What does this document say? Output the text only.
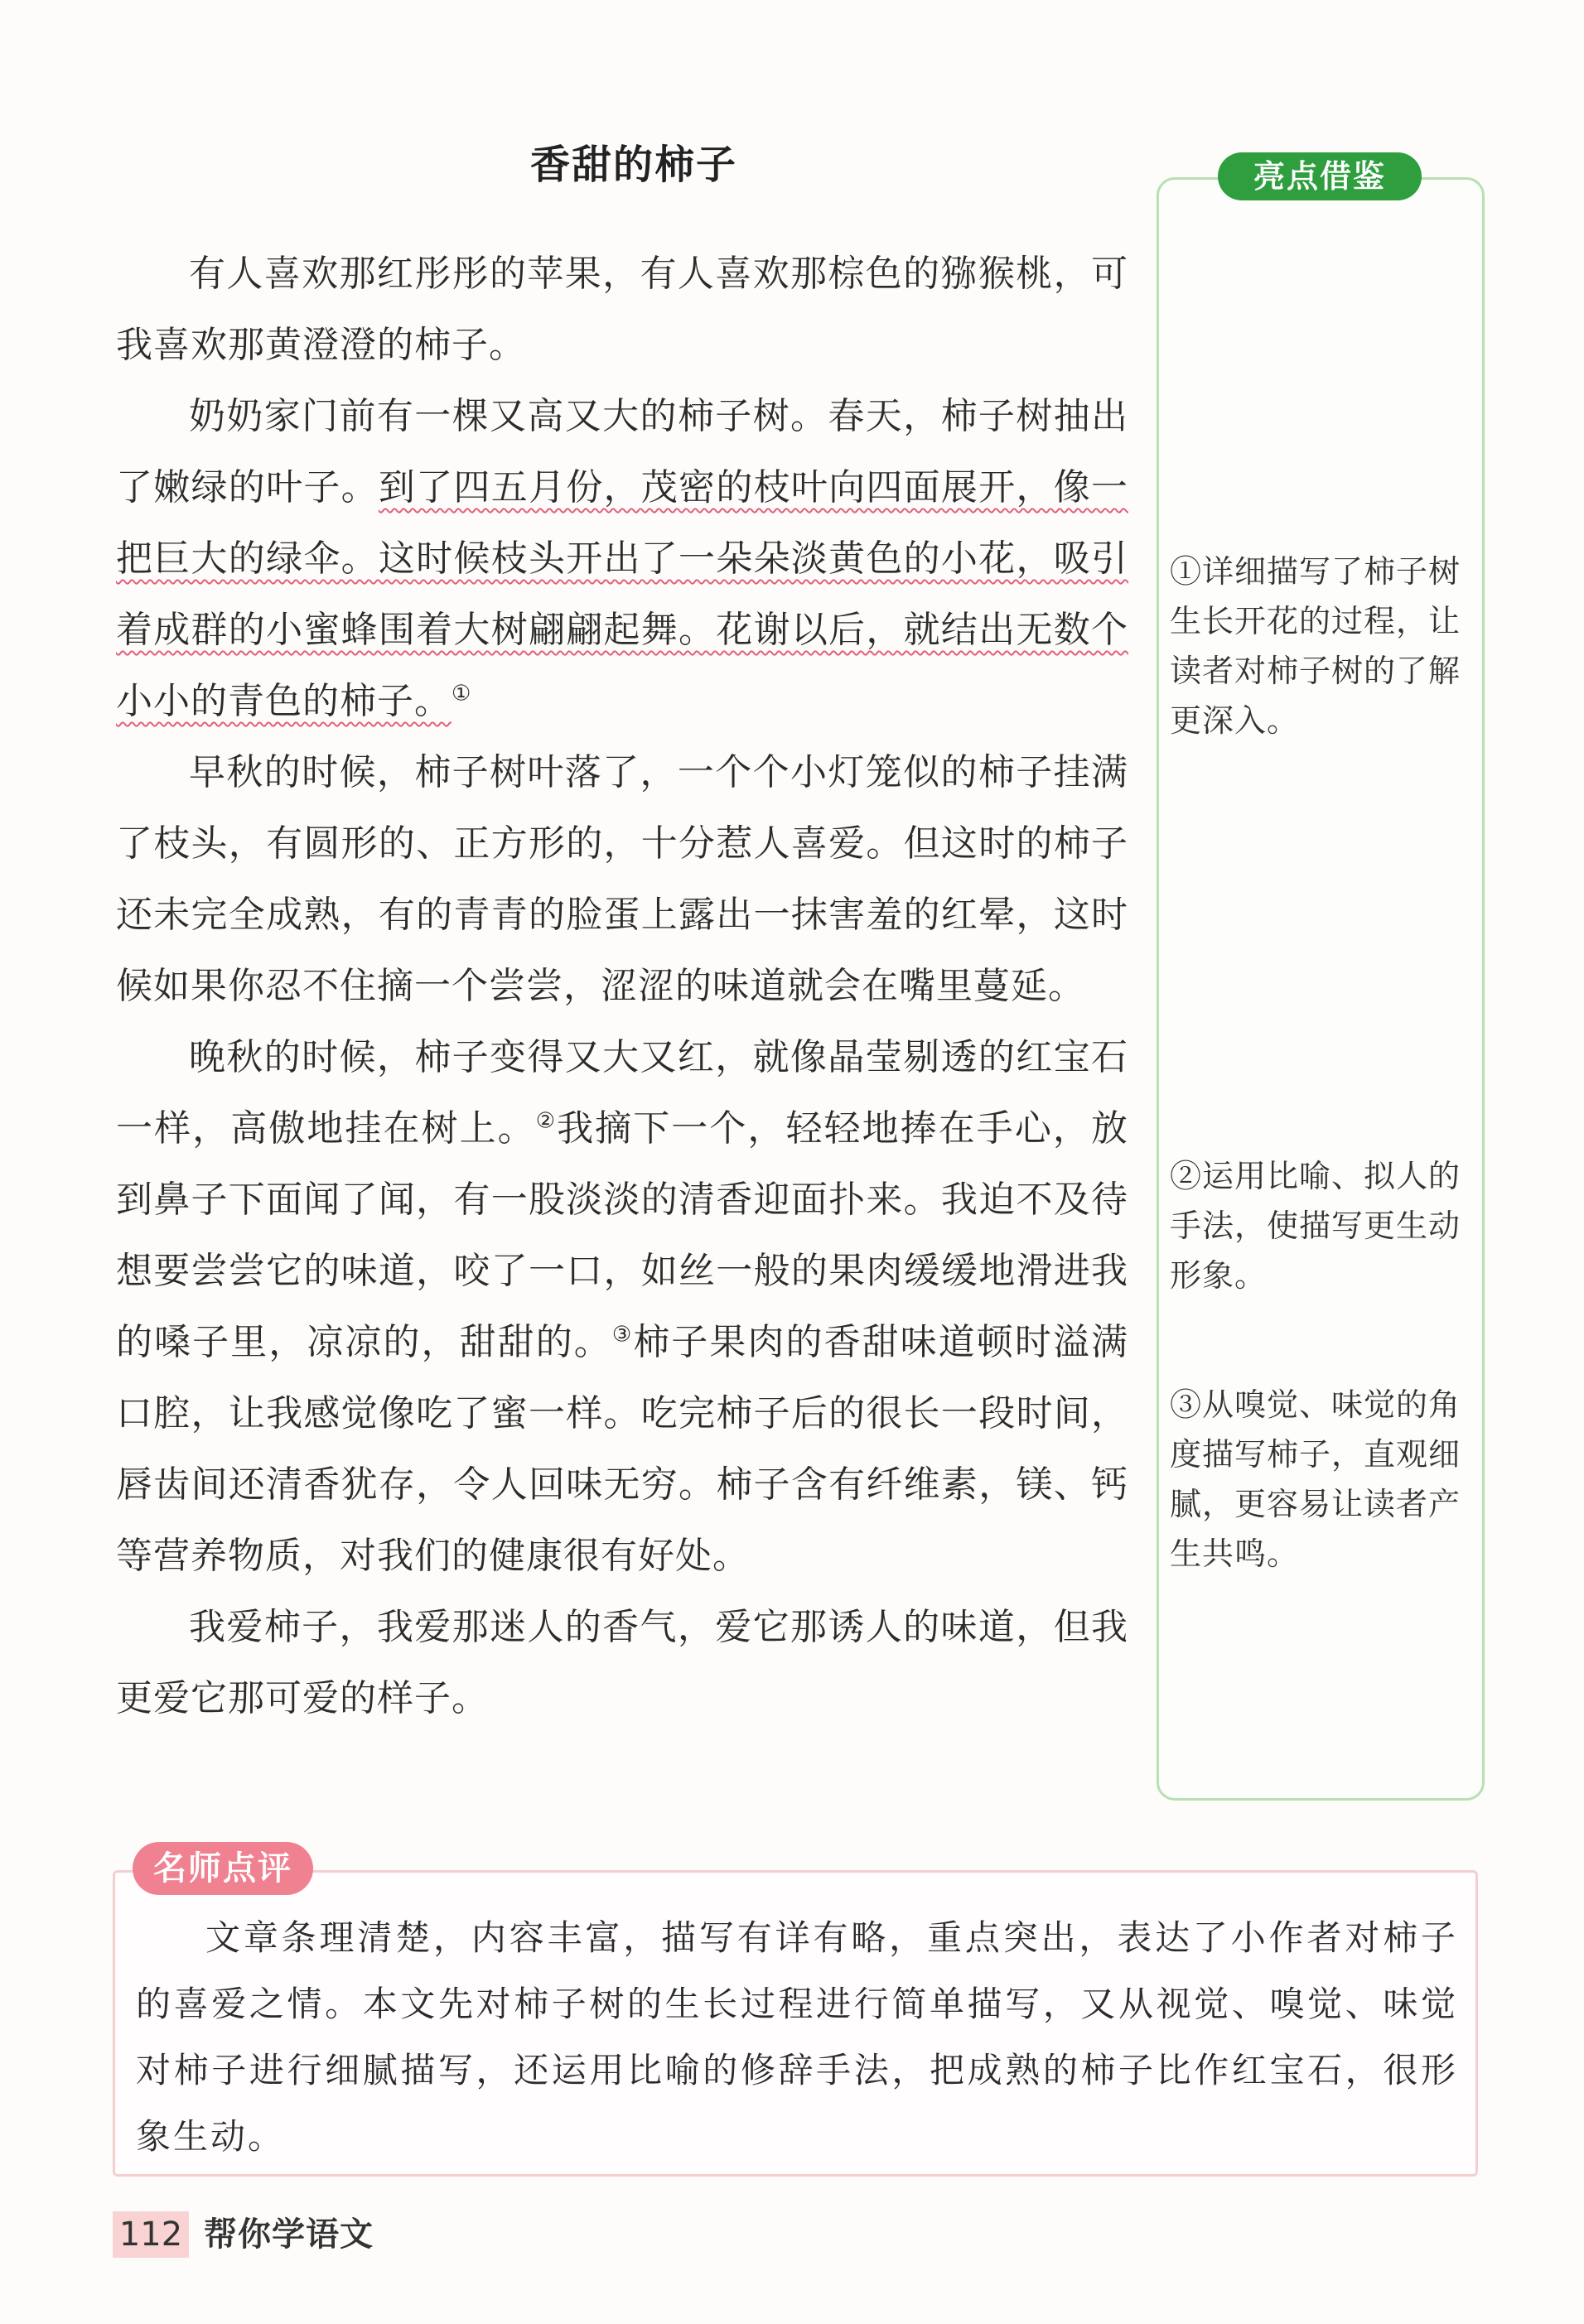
香甜的柿子

有人喜欢那红彤彤的苹果，有人喜欢那棕色的猕猴桃，可我喜欢那黄澄澄的柿子。

奶奶家门前有一棵又高又大的柿子树。春天，柿子树抽出了嫩绿的叶子。到了四五月份，茂密的枝叶向四面展开，像一把巨大的绿伞。这时候枝头开出了一朵朵淡黄色的小花，吸引着成群的小蜜蜂围着大树翩翩起舞。花谢以后，就结出无数个小小的青色的柿子。①

早秋的时候，柿子树叶落了，一个个小灯笼似的柿子挂满了枝头，有圆形的、正方形的，十分惹人喜爱。但这时的柿子还未完全成熟，有的青青的脸蛋上露出一抹害羞的红晕，这时候如果你忍不住摘一个尝尝，涩涩的味道就会在嘴里蔓延。

晚秋的时候，柿子变得又大又红，就像晶莹剔透的红宝石一样，高傲地挂在树上。②我摘下一个，轻轻地捧在手心，放到鼻子下面闻了闻，有一股淡淡的清香迎面扑来。我迫不及待想要尝尝它的味道，咬了一口，如丝一般的果肉缓缓地滑进我的嗓子里，凉凉的，甜甜的。③柿子果肉的香甜味道顿时溢满口腔，让我感觉像吃了蜜一样。吃完柿子后的很长一段时间，唇齿间还清香犹存，令人回味无穷。柿子含有纤维素，镁、钙等营养物质，对我们的健康很有好处。

我爱柿子，我爱那迷人的香气，爱它那诱人的味道，但我更爱它那可爱的样子。

亮点借鉴
①详细描写了柿子树生长开花的过程，让读者对柿子树的了解更深入。
②运用比喻、拟人的手法，使描写更生动形象。
③从嗅觉、味觉的角度描写柿子，直观细腻，更容易让读者产生共鸣。
名师点评
文章条理清楚，内容丰富，描写有详有略，重点突出，表达了小作者对柿子的喜爱之情。本文先对柿子树的生长过程进行简单描写，又从视觉、嗅觉、味觉对柿子进行细腻描写，还运用比喻的修辞手法，把成熟的柿子比作红宝石，很形象生动。
112 帮你学语文
